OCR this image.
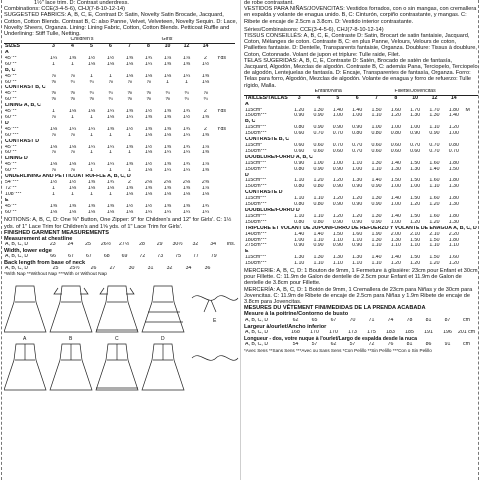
1½" lace trim. D: Contrast underdress.
Combinations: CCE(3-4-5-6), CHJ(7-8-10-12-14)
SUGGESTED FABRICS: A, B, C, E, Contrast D: Satin, Novelty Satin Brocade, Jacquard, Cotton, Cotton Blends. Contrast B, C: also Panne, Velvet, Velveteen, Novelty Sequin. D: Lace, Novelty Sheers, Organza. Lining: Lining Fabric, Cotton, Cotton Blends. Petticoat Ruffle and Underlining: Stiff Tulle, Netting.
	Children's				Girls'					
SIZES	3	4	5	6	7	8	10	12	14	
A										
45"**	1¼	1⅜	1½	1½	1⅝	1¾	1⅞	1⅞	2	Yds
60"**	1	1	1⅛	1⅛	1⅛	1¼	1⅜	1⅜	1½	
B, C										
45"**	⅞	⅞	1	1	1⅛	1⅛	1⅛	1¼	1⅜	
60"**	⅝	¾	¾	⅞	⅞	⅞	1	1	1⅛	
CONTRAST B, C										
45"**	⅝	⅝	¾	¾	⅝	⅝	¾	¾	⅞	
60"**	⅝	⅝	⅝	¾	⅝	⅝	⅝	¾	¾	
LINING A, B, C										
45"**	1	1⅛	1⅛	1¼	1⅜	1½	1⅝	1¾	2	Yds
60"**	⅞	1	1	1⅛	1¼	1⅜	1⅜	1½	1⅝	
D										
45"***	1⅛	1¼	1¼	1⅜	1½	1⅝	1⅝	1¾	2	Yds
60"***	⅞	⅞	1	1	1	1⅛	1⅛	1¼	1⅜	
CONTRAST D										
45"**	1⅛	1⅛	1¼	1¼	1⅜	1½	1⅝	1¾	1⅞	
60"**	⅞	⅞	1	1	1	1⅛	1¼	1¼	1⅜	
LINING D										
45"**	1⅛	1⅛	1¼	1¼	1⅜	1½	1⅝	1¾	1⅞	
60"**	⅞	⅞	1	1	1	1⅛	1¼	1¼	1⅜	
UNDERLINING AND PETTICOAT RUFFLE A, B, C, D										
54"***	1½	1½	1⅝	1¾	2	2⅛	2⅛	2⅛	2⅜	
72"**	1	1⅛	1⅛	1⅛	1⅜	1⅜	1⅝	1⅝	1⅞	
108"***	1	1	1	1	1⅛	1⅛	1⅛	1⅛	1⅛	
E										
45"**	1⅜	1⅜	1⅜	1⅜	1½	1½	1⅝	1⅝	1¾	
60"**	1⅛	1⅛	1⅛	1⅛	1⅛	1¼	1¼	1¼	1¼	
NOTIONS: A, B, C, D: One ⅜" Button, One Zipper: 9" for Children's and 12" for Girls'. C: 1½ yds. of 1" Lace Trim for Children's and 1⅝ yds. of 1" Lace Trim for Girls'.
FINISHED GARMENT MEASUREMENTS
Measurement at chestline
A, B, C, D	23	24	25	26½	27½	28	29	30½	32	34	Ins.
Width, lower edge
A, B, C, D	66	67	67	68	69	72	73	75	77	79	
Back length from base of neck
A, B, C, D	25	25½	26	27	30	31	32	34	36	
*With Nap **Without Nap ***With or Without Nap
A	B	C	D
E
de robe contrastant.
VESTIDOS PARA NIÑAS/JOVENCITAS: Vestidos forrados, con o sin mangas, con cremallera en espalda y volante de enagua unido. B, C: Cinturón, corpiño contrastante, y mangas. C: Ribete de encaje de 2.5cm a 3.8cm. D: Vestido interior contrastante.
Séries/Combinaisons: CCE(3-4-5-6), CHJ(7-8-10-12-14)
TISSUS CONSEILLÉS: A, B, C, E, Contraste D: Satin, Brocart de satin fantaisie, Jacquard, Coton, Mélanges de coton. Contraste B, C: en plus Panne, Velours, Velours de coton, Paillettes fantaisie. D: Dentelle, Transparents fantaisie, Organza. Doublure: Tissus à doublure, Coton, Cotonnade. Volant de jupon et triplure: Tulle raide, Filet.
TELAS SUGERIDAS: A, B, C, E, Contraste D: Satén, Brocado de satén de fantasía, Jacquard, Algodón, Mezclas de algodón. Contraste B, C: además Pana, Terciopelo, Terciopelo de algodón, Lentejuelas de fantasía. D: Encaje, Transparentes de fantasía, Organza. Forro: Telas para forro, Algodón, Mezclas de algodón. Volante de enagua y forro de refuerzo: Tulle rígido, Malla.
	Enfant/Niña				Fillette/Jovencitas					
TAILLES/TALLAS	3	4	5	6	7	8	10	12	14	
A										
115cm*	1.20	1.30	1.40	1.40	1.50	1.60	1.70	1.70	1.80	M
150cm***	0.90	0.90	1.00	1.00	1.10	1.20	1.30	1.30	1.40	
B, C										
115cm***	0.80	0.90	0.90	0.90	1.00	1.00	1.00	1.10	1.20	
150cm***	0.60	0.70	0.70	0.80	0.80	0.80	0.90	0.90	1.00	
CONTRASTE B, C										
115cm*	0.60	0.60	0.70	0.70	0.60	0.60	0.70	0.70	0.80	
150cm***	0.60	0.60	0.60	0.70	0.60	0.60	0.60	0.70	0.70	
DOUBLURE/FORRO A, B, C										
115cm***	0.90	1.00	1.00	1.10	1.30	1.40	1.50	1.60	1.80	
150cm***	0.80	0.90	0.90	1.00	1.10	1.30	1.30	1.40	1.50	
D										
115cm***	1.10	1.20	1.20	1.30	1.40	1.50	1.50	1.60	1.80	
150cm***	0.80	0.80	0.90	0.90	0.90	1.00	1.00	1.10	1.30	
CONTRASTE D										
115cm***	1.10	1.10	1.20	1.20	1.30	1.40	1.50	1.60	1.80	
150cm***	0.80	0.80	0.90	0.90	0.90	1.00	1.20	1.20	1.30	
DOUBLURE/FORRO D										
115cm***	1.10	1.10	1.20	1.20	1.30	1.40	1.50	1.60	1.80	
150cm***	0.80	0.80	0.90	0.90	0.90	1.00	1.20	1.20	1.30	
TRIPLURE ET VOLANT DE JUPON/FORRO DE REFUERZO Y VOLANTE DE ENAGUA A, B, C, D										
140cm***	1.40	1.40	1.50	1.60	1.90	2.00	2.10	2.10	2.20	
180cm***	1.00	1.10	1.10	1.10	1.30	1.30	1.50	1.50	1.80	
275cm***	0.90	0.90	0.90	0.90	1.10	1.10	1.10	1.10	1.10	
E										
115cm***	1.30	1.30	1.30	1.30	1.40	1.40	1.50	1.50	1.60	
150cm***	1.10	1.10	1.10	1.10	1.10	1.20	1.20	1.20	1.20	
MERCERIE: A, B, C, D: 1 Bouton de 9mm, 1 Fermeture à glissière: 23cm pour Enfant et 30cm pour Fillette. C: 11.9m de Galon de dentelle de 2.5cm pour Enfant et 11.9m de Galon de dentelle de 3.8cm pour Fillette.
MERCERÍA: A, B, C, D: 1 Botón de 9mm, 1 Cremallera de 23cm para Niñas y de 30cm para Jovencitas. C: 11.9m de Ribete de encaje de 2.5cm para Niñas y 1.9m Ribete de encaje de 3.8cm para Jovencitas.
MESURES DU VÊTEMENT FINI/MEDIDAS DE LA PRENDA ACABADA
Mesure à la poitrine/Contorno de busto
A, B, C, D	62	65	67	70	71	74	78	81	87	cm
Largeur à/ourlet/Ancho inferior
A, B, C, D	168	170	170	173	175	183	185	191	196	201 cm
Longueur - dos, votre nuque à l'ourlet/Largo de espalda desde la nuca
A, B, C, D	54	57	62	57	72	76	81	86	91	cm
*Avec Sens **Sans Sens ***Avec ou Sans Sens *Con Pelillo **Sin Pelillo ***Con o Sin Pelillo
